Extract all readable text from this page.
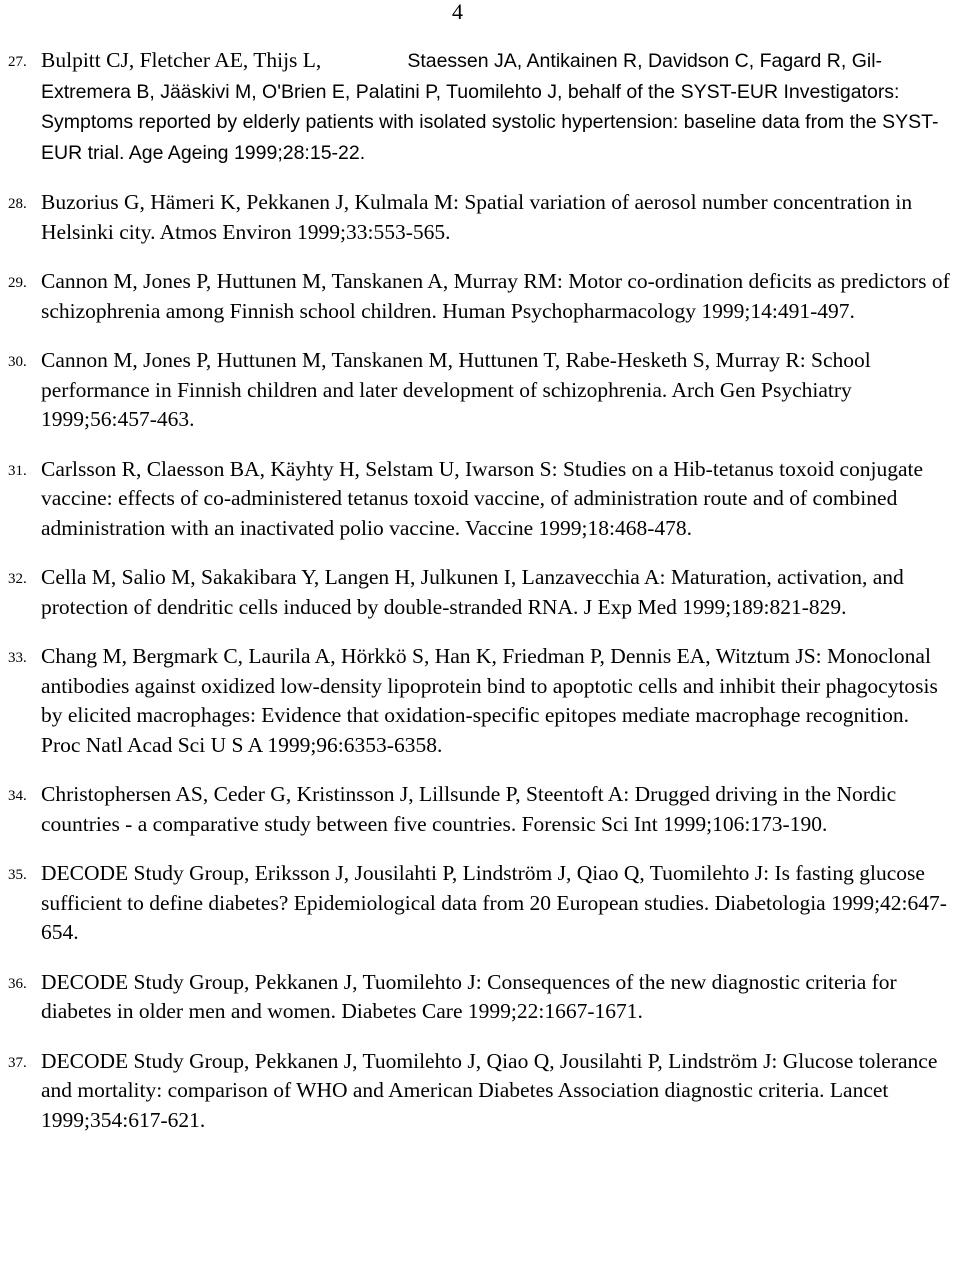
4
27. Bulpitt CJ, Fletcher AE, Thijs L,	Staessen JA, Antikainen R, Davidson C, Fagard R, Gil-Extremera B, Jääskivi M, O'Brien E, Palatini P, Tuomilehto J, behalf of the SYST-EUR Investigators: Symptoms reported by elderly patients with isolated systolic hypertension: baseline data from the SYST-EUR trial. Age Ageing 1999;28:15-22.
28. Buzorius G, Hämeri K, Pekkanen J, Kulmala M: Spatial variation of aerosol number concentration in Helsinki city. Atmos Environ 1999;33:553-565.
29. Cannon M, Jones P, Huttunen M, Tanskanen A, Murray RM: Motor co-ordination deficits as predictors of schizophrenia among Finnish school children. Human Psychopharmacology 1999;14:491-497.
30. Cannon M, Jones P, Huttunen M, Tanskanen M, Huttunen T, Rabe-Hesketh S, Murray R: School performance in Finnish children and later development of schizophrenia. Arch Gen Psychiatry 1999;56:457-463.
31. Carlsson R, Claesson BA, Käyhty H, Selstam U, Iwarson S: Studies on a Hib-tetanus toxoid conjugate vaccine: effects of co-administered tetanus toxoid vaccine, of administration route and of combined administration with an inactivated polio vaccine. Vaccine 1999;18:468-478.
32. Cella M, Salio M, Sakakibara Y, Langen H, Julkunen I, Lanzavecchia A: Maturation, activation, and protection of dendritic cells induced by double-stranded RNA. J Exp Med 1999;189:821-829.
33. Chang M, Bergmark C, Laurila A, Hörkkö S, Han K, Friedman P, Dennis EA, Witztum JS: Monoclonal antibodies against oxidized low-density lipoprotein bind to apoptotic cells and inhibit their phagocytosis by elicited macrophages: Evidence that oxidation-specific epitopes mediate macrophage recognition. Proc Natl Acad Sci U S A 1999;96:6353-6358.
34. Christophersen AS, Ceder G, Kristinsson J, Lillsunde P, Steentoft A: Drugged driving in the Nordic countries - a comparative study between five countries. Forensic Sci Int 1999;106:173-190.
35. DECODE Study Group, Eriksson J, Jousilahti P, Lindström J, Qiao Q, Tuomilehto J: Is fasting glucose sufficient to define diabetes? Epidemiological data from 20 European studies. Diabetologia 1999;42:647-654.
36. DECODE Study Group, Pekkanen J, Tuomilehto J: Consequences of the new diagnostic criteria for diabetes in older men and women. Diabetes Care 1999;22:1667-1671.
37. DECODE Study Group, Pekkanen J, Tuomilehto J, Qiao Q, Jousilahti P, Lindström J: Glucose tolerance and mortality: comparison of WHO and American Diabetes Association diagnostic criteria. Lancet 1999;354:617-621.
